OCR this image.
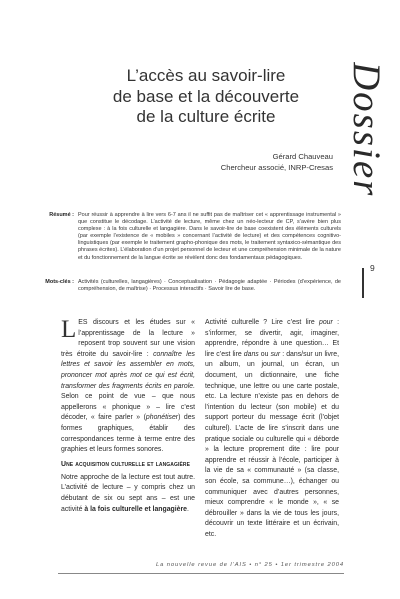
L’accès au savoir-lire
de base et la découverte
de la culture écrite	Dossier
9
Gérard Chauveau
Chercheur associé, INRP-Cresas
Résumé : Pour réussir à apprendre à lire vers 6-7 ans il ne suffit pas de maîtriser cet « apprentissage instrumental » que constitue le décodage. L’activité de lecture, même chez un néo-lecteur de CP, s’avère bien plus complexe : à la fois culturelle et langagière. Dans le savoir-lire de base coexistent des éléments culturels (par exemple l’existence de « mobiles » concernant l’activité de lecture) et des compétences cognitivo-linguistiques (par exemple le traitement grapho-phonique des mots, le traitement syntaxico-sémantique des phrases écrites). L’élaboration d’un projet personnel de lecteur et une compréhension minimale de la nature et du fonctionnement de la langue écrite se révèlent donc des fondamentaux pédagogiques.
Mots-clés : Activités (culturelles, langagières) · Conceptualisation · Pédagogie adaptée · Périodes (d’expérience, de compréhension, de maîtrise) · Processus interactifs · Savoir lire de base.

LES discours et les études sur « l’apprentissage de la lecture » reposent trop souvent sur une vision très étroite du savoir-lire : connaître les lettres et savoir les assembler en mots, prononcer mot après mot ce qui est écrit, transformer des fragments écrits en parole. Selon ce point de vue – que nous appellerons « phonique » – lire c’est décoder, « faire parler » (phonétiser) des formes graphiques, établir des correspondances terme à terme entre des graphies et leurs formes sonores.

Une acquisition culturelle et langagière

Notre approche de la lecture est tout autre. L’activité de lecture – y compris chez un débutant de six ou sept ans – est une activité à la fois culturelle et langagière.

Activité culturelle ? Lire c’est lire pour : s’informer, se divertir, agir, imaginer, apprendre, répondre à une question… Et lire c’est lire dans ou sur : dans/sur un livre, un album, un journal, un écran, un document, un dictionnaire, une fiche technique, une lettre ou une carte postale, etc. La lecture n’existe pas en dehors de l’intention du lecteur (son mobile) et du support porteur du message écrit (l’objet culturel). L’acte de lire s’inscrit dans une pratique sociale ou culturelle qui « déborde » la lecture proprement dite : lire pour apprendre et réussir à l’école, participer à la vie de sa « communauté » (sa classe, son école, sa commune…), échanger ou communiquer avec d’autres personnes, mieux comprendre « le monde », « se débrouiller » dans la vie de tous les jours, découvrir un texte littéraire et un écrivain, etc.

La nouvelle revue de l’AIS • n° 25 • 1er trimestre 2004
